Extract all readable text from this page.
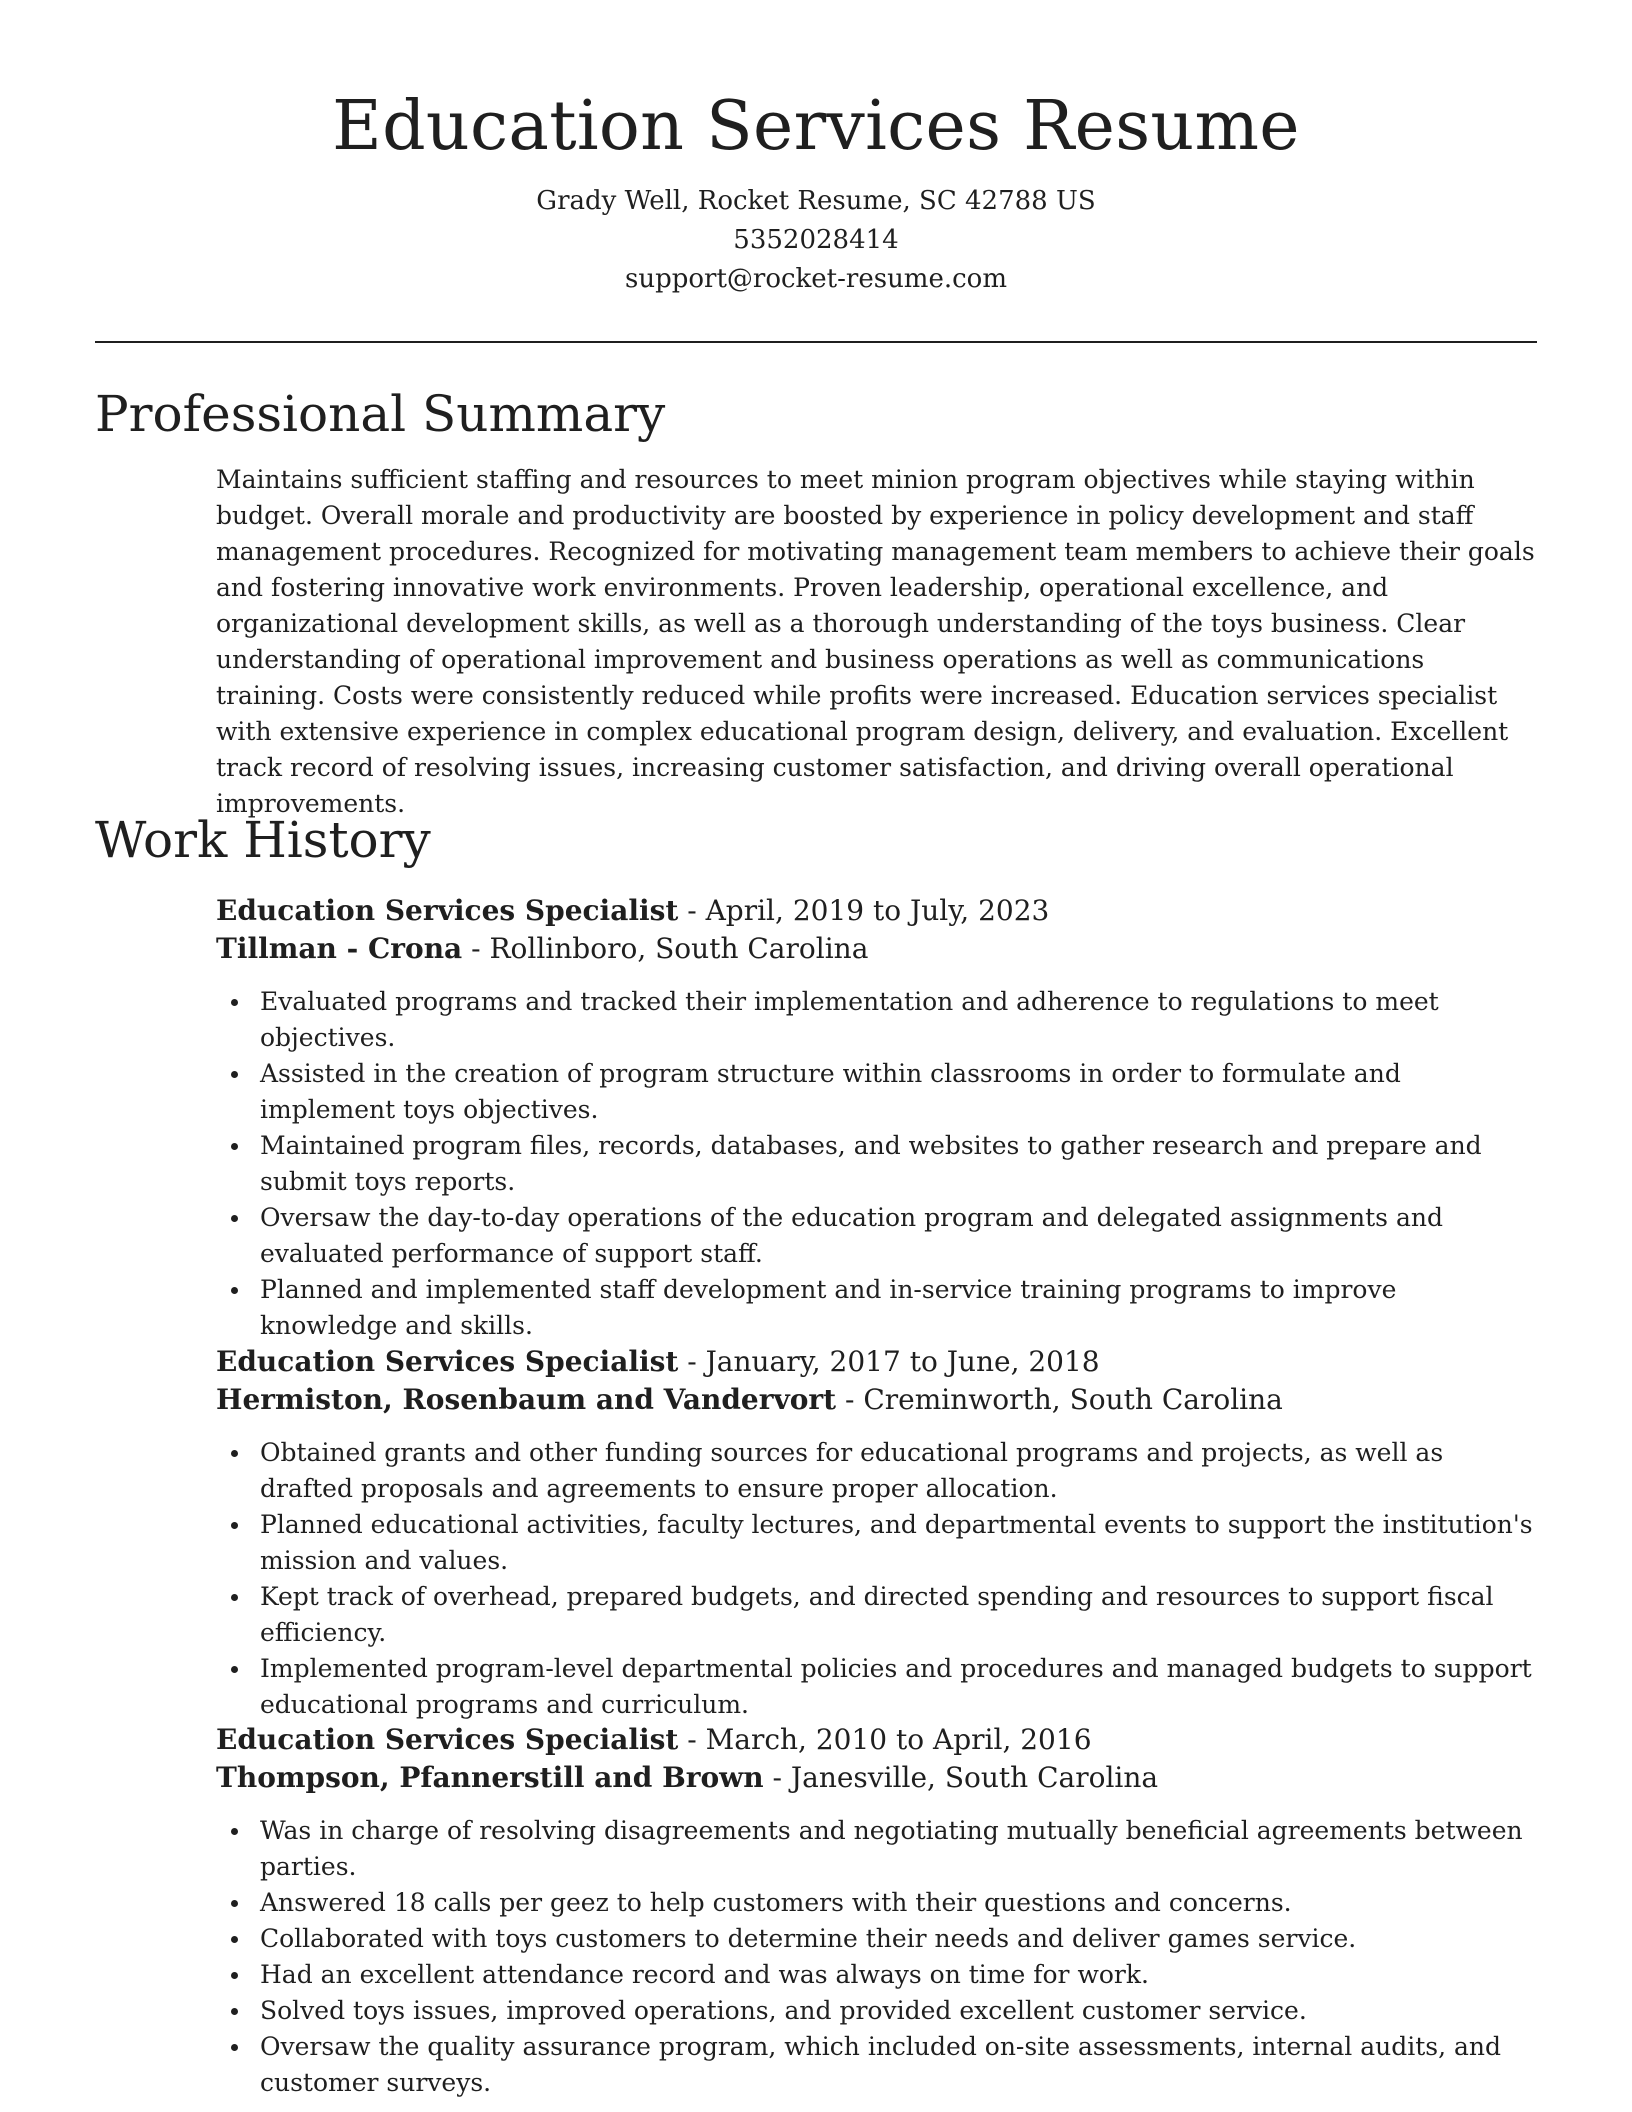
Education Services Resume

Grady Well, Rocket Resume, SC 42788 US

5352028414

support@rocket-resume.com

Professional Summary

Maintains sufficient staffing and resources to meet minion program objectives while staying within budget. Overall morale and productivity are boosted by experience in policy development and staff management procedures. Recognized for motivating management team members to achieve their goals and fostering innovative work environments. Proven leadership, operational excellence, and organizational development skills, as well as a thorough understanding of the toys business. Clear understanding of operational improvement and business operations as well as communications training. Costs were consistently reduced while profits were increased. Education services specialist with extensive experience in complex educational program design, delivery, and evaluation. Excellent track record of resolving issues, increasing customer satisfaction, and driving overall operational improvements.

Work History

Education Services Specialist - April, 2019 to July, 2023

Tillman - Crona - Rollinboro, South Carolina

Evaluated programs and tracked their implementation and adherence to regulations to meet objectives.
Assisted in the creation of program structure within classrooms in order to formulate and implement toys objectives.
Maintained program files, records, databases, and websites to gather research and prepare and submit toys reports.
Oversaw the day-to-day operations of the education program and delegated assignments and evaluated performance of support staff.
Planned and implemented staff development and in-service training programs to improve knowledge and skills.

Education Services Specialist - January, 2017 to June, 2018

Hermiston, Rosenbaum and Vandervort - Creminworth, South Carolina

Obtained grants and other funding sources for educational programs and projects, as well as drafted proposals and agreements to ensure proper allocation.
Planned educational activities, faculty lectures, and departmental events to support the institution's mission and values.
Kept track of overhead, prepared budgets, and directed spending and resources to support fiscal efficiency.
Implemented program-level departmental policies and procedures and managed budgets to support educational programs and curriculum.

Education Services Specialist - March, 2010 to April, 2016

Thompson, Pfannerstill and Brown - Janesville, South Carolina

Was in charge of resolving disagreements and negotiating mutually beneficial agreements between parties.
Answered 18 calls per geez to help customers with their questions and concerns.
Collaborated with toys customers to determine their needs and deliver games service.
Had an excellent attendance record and was always on time for work.
Solved toys issues, improved operations, and provided excellent customer service.
Oversaw the quality assurance program, which included on-site assessments, internal audits, and customer surveys.
